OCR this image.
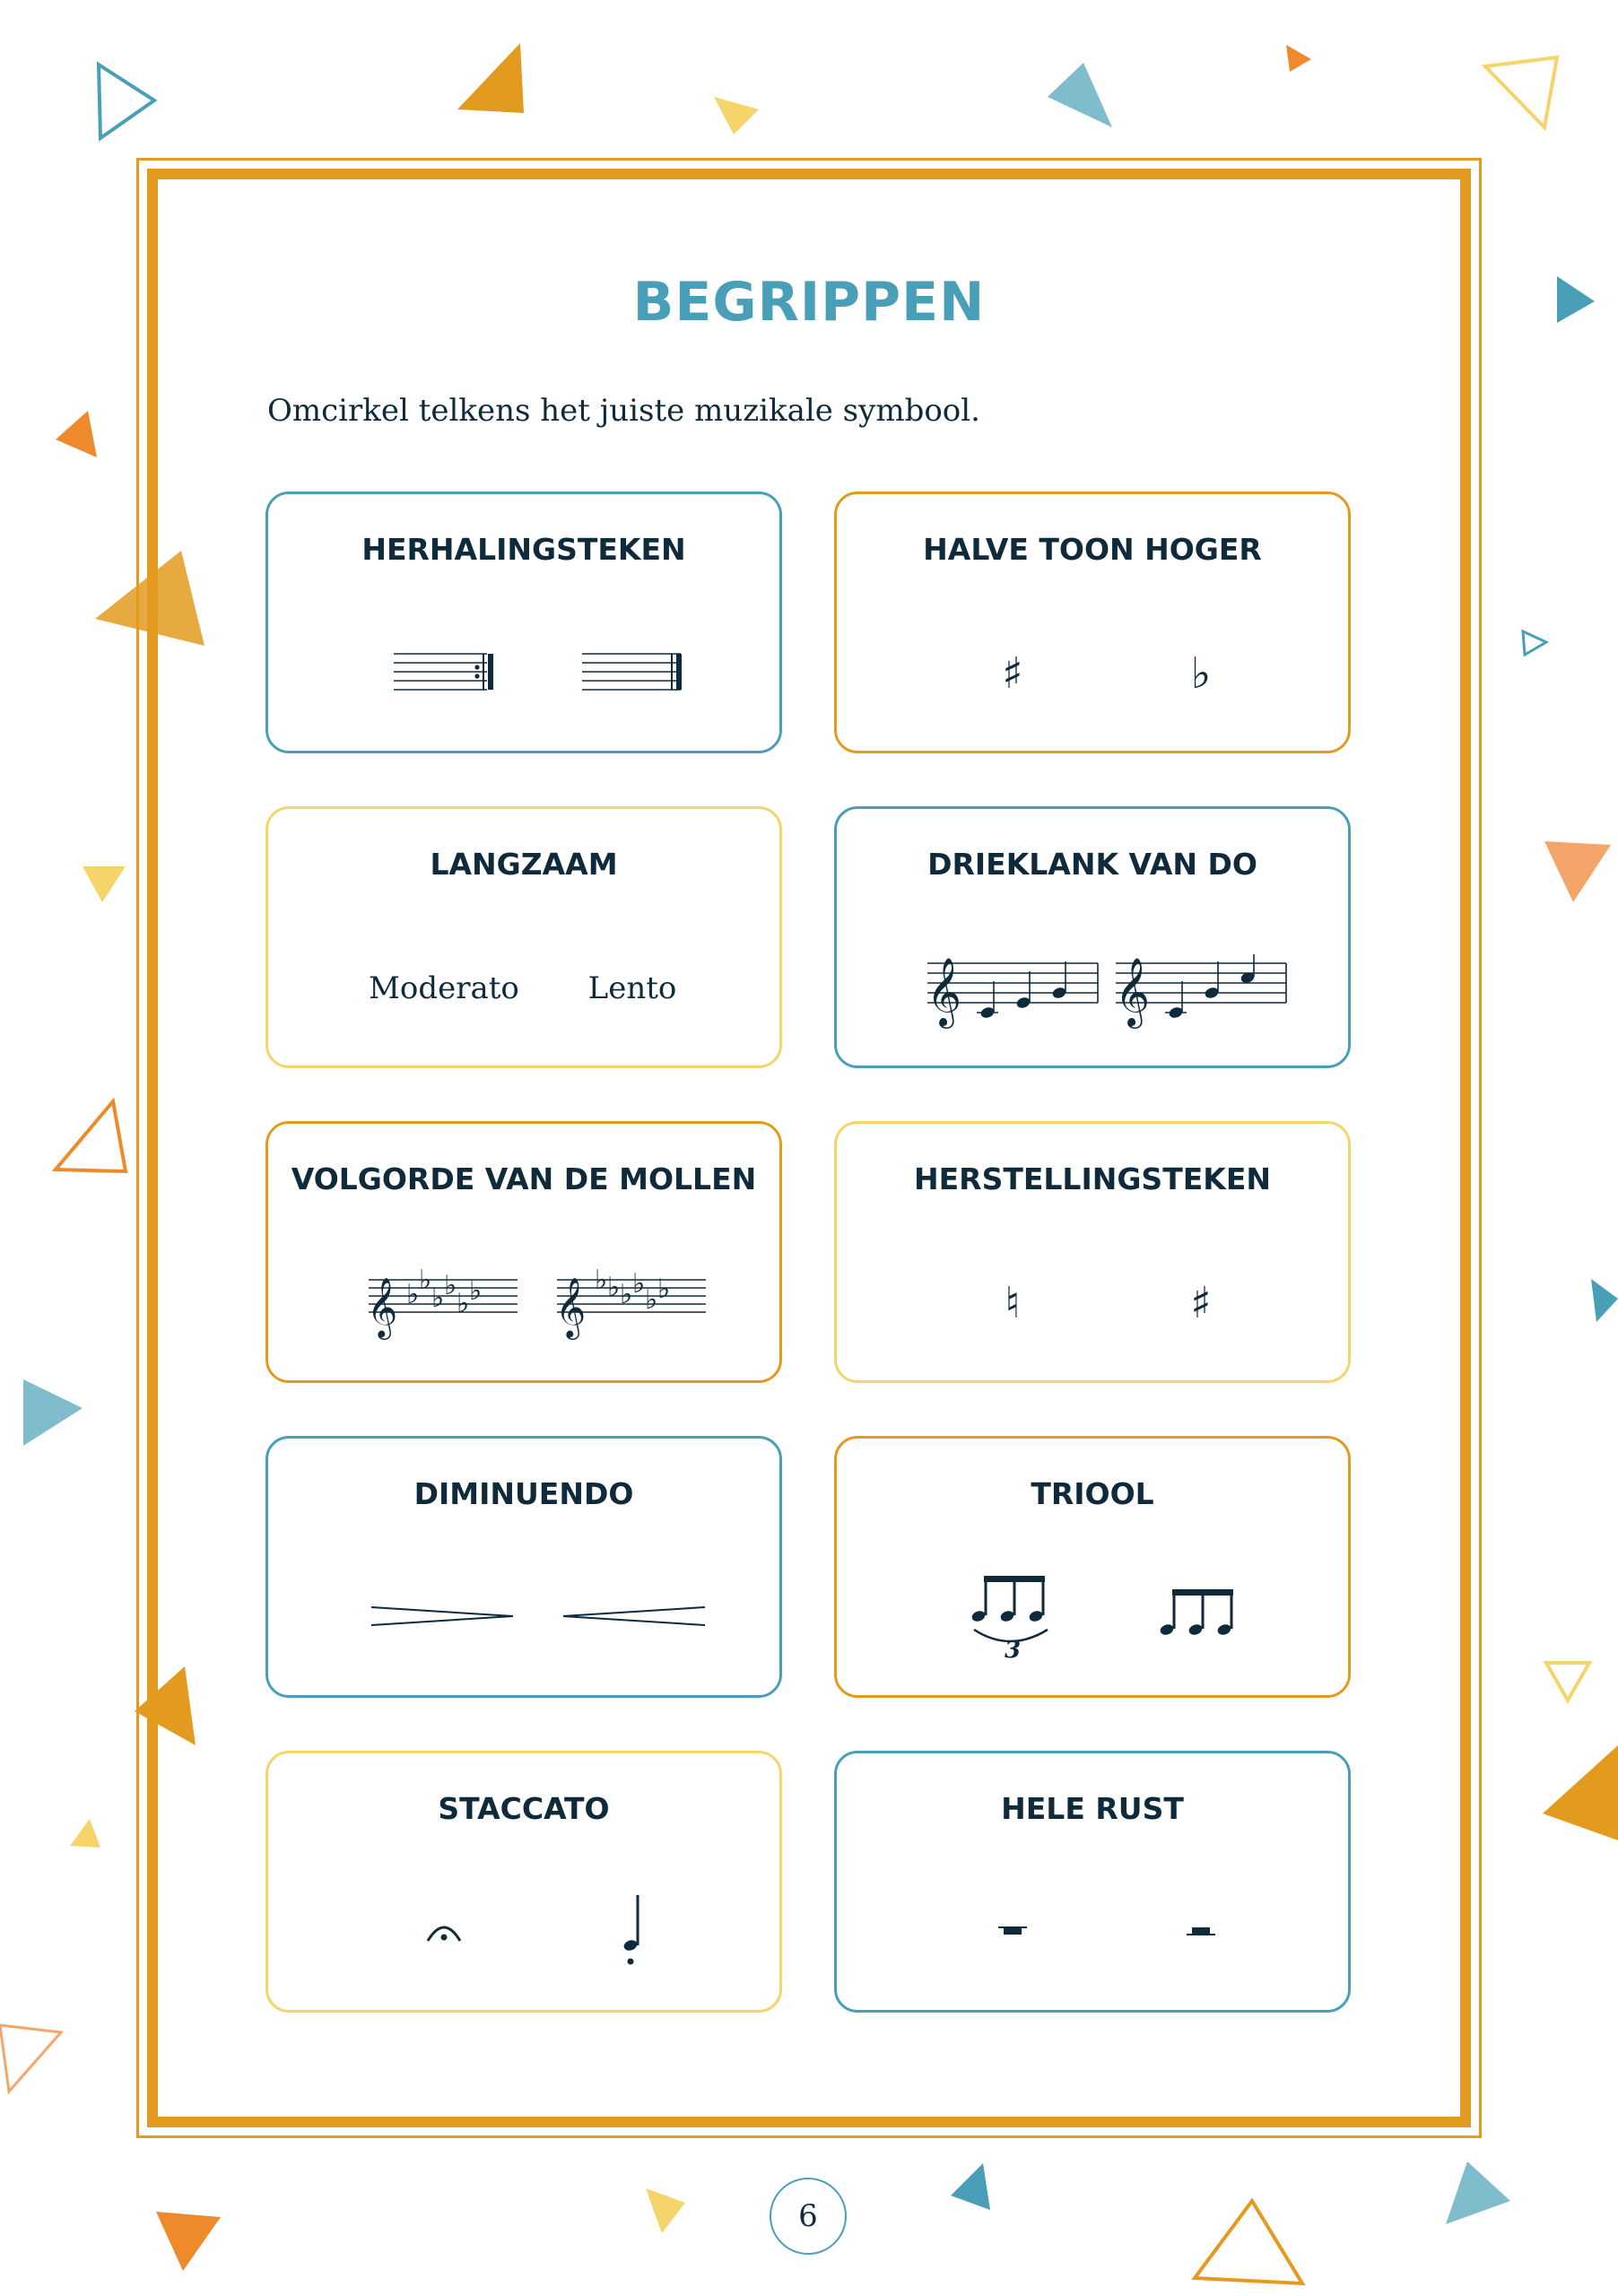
BEGRIPPEN
Omcirkel telkens het juiste muzikale symbool.
HERHALINGSTEKEN	HALVE TOON HOGER
♯	♭
LANGZAAM
Moderato Lento
DRIEKLANK VAN DO
𝄞	𝄞
VOLGORDE VAN DE MOLLEN
𝄞 ♭ ♭
♭ ♭
♭ ♭ 𝄞 ♭ ♭ ♭ ♭
♭ ♭
HERSTELLINGSTEKEN
♮	♯
DIMINUENDO	TRIOOL
3
STACCATO	HELE RUST
6
